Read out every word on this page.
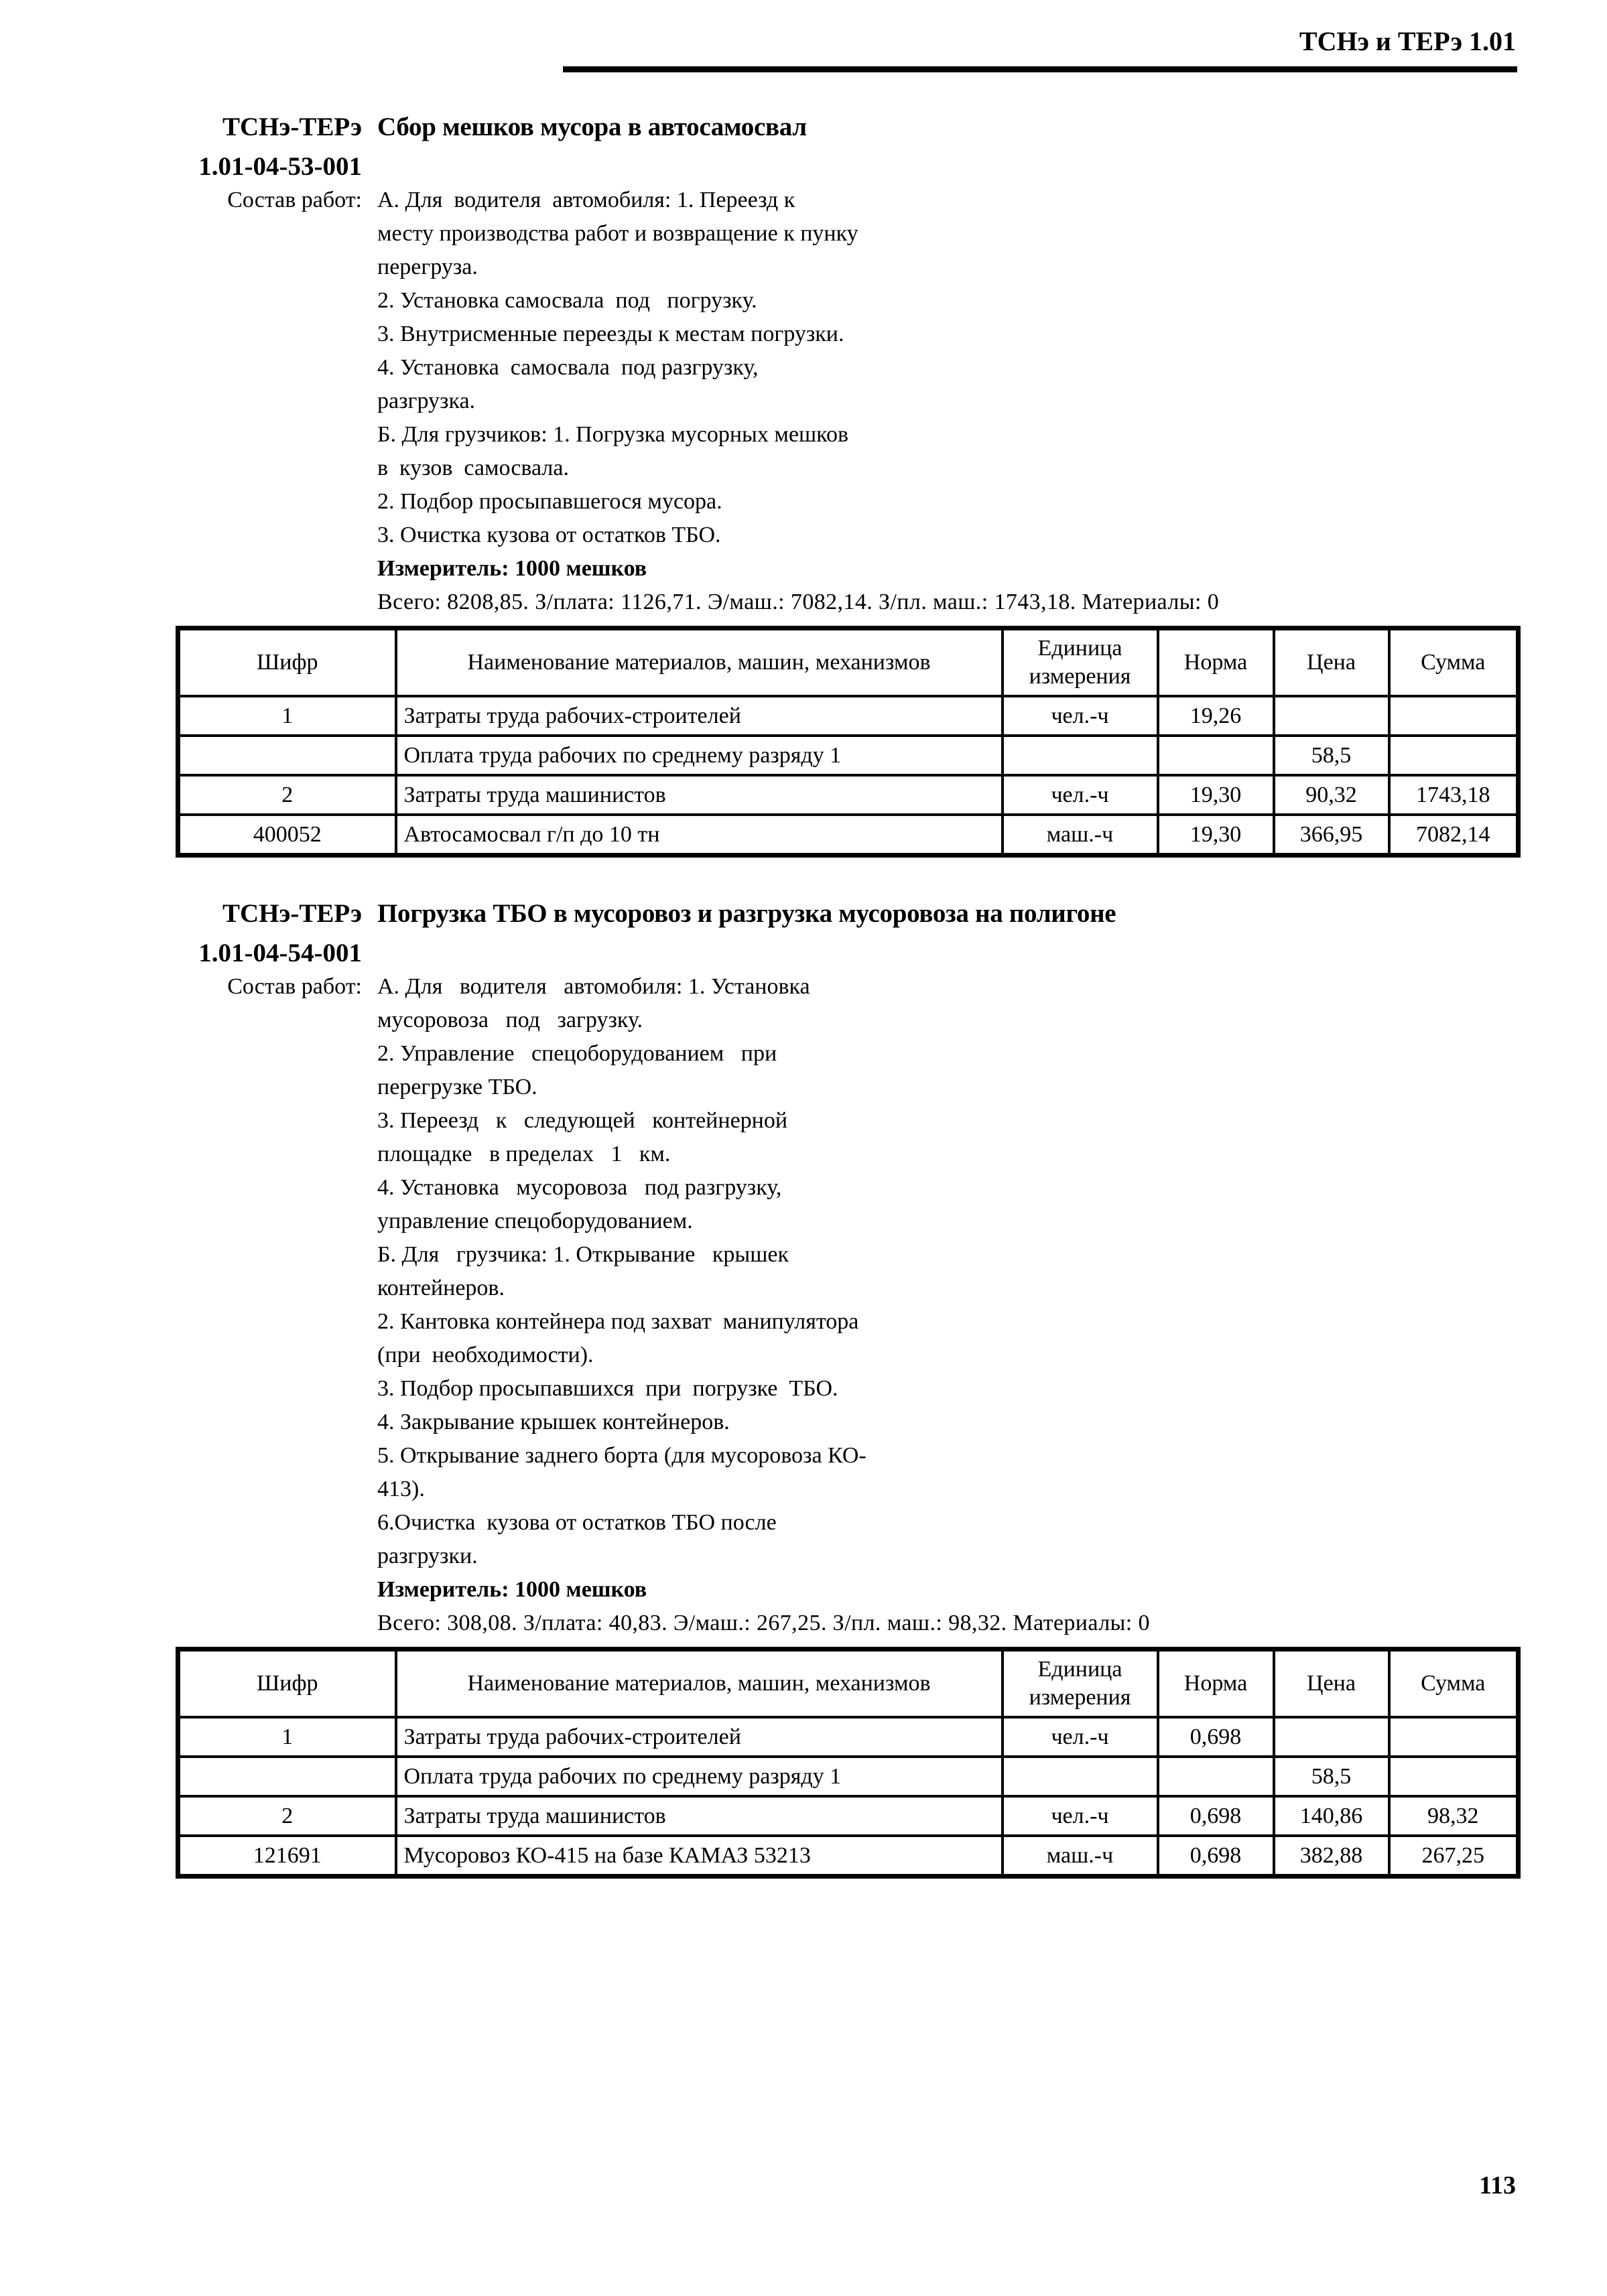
ТСНэ и ТЕРэ 1.01
ТСНэ-ТЕРэ
1.01-04-53-001
Состав работ:
Сбор мешков мусора в автосамосвал
А. Для  водителя  автомобиля: 1. Переезд к
месту производства работ и возвращение к пунку
перегруза.
2. Установка самосвала  под   погрузку.
3. Внутрисменные переезды к местам погрузки.
4. Установка  самосвала  под разгрузку,
разгрузка.
Б. Для грузчиков: 1. Погрузка мусорных мешков
в  кузов  самосвала.
2. Подбор просыпавшегося мусора.
3. Очистка кузова от остатков ТБО.
Измеритель: 1000 мешков
Всего: 8208,85. З/плата: 1126,71. Э/маш.: 7082,14. З/пл. маш.: 1743,18. Материалы: 0
Шифр	Наименование материалов, машин, механизмов	Единица измерения	Норма	Цена	Сумма
1	Затраты труда рабочих-строителей	чел.-ч	19,26		
	Оплата труда рабочих по среднему разряду 1			58,5	
2	Затраты труда машинистов	чел.-ч	19,30	90,32	1743,18
400052	Автосамосвал г/п до 10 тн	маш.-ч	19,30	366,95	7082,14
ТСНэ-ТЕРэ
1.01-04-54-001
Состав работ:
Погрузка ТБО в мусоровоз и разгрузка мусоровоза на полигоне
А. Для   водителя   автомобиля: 1. Установка
мусоровоза   под   загрузку.
2. Управление   спецоборудованием   при
перегрузке ТБО.
3. Переезд   к   следующей   контейнерной
площадке   в пределах   1   км.
4. Установка   мусоровоза   под разгрузку,
управление спецоборудованием.
Б. Для   грузчика: 1. Открывание   крышек
контейнеров.
2. Кантовка контейнера под захват  манипулятора
(при  необходимости).
3. Подбор просыпавшихся  при  погрузке  ТБО.
4. Закрывание крышек контейнеров.
5. Открывание заднего борта (для мусоровоза КО-
413).
6.Очистка  кузова от остатков ТБО после
разгрузки.
Измеритель: 1000 мешков
Всего: 308,08. З/плата: 40,83. Э/маш.: 267,25. З/пл. маш.: 98,32. Материалы: 0
Шифр	Наименование материалов, машин, механизмов	Единица измерения	Норма	Цена	Сумма
1	Затраты труда рабочих-строителей	чел.-ч	0,698		
	Оплата труда рабочих по среднему разряду 1			58,5	
2	Затраты труда машинистов	чел.-ч	0,698	140,86	98,32
121691	Мусоровоз КО-415 на базе КАМАЗ 53213	маш.-ч	0,698	382,88	267,25
113
